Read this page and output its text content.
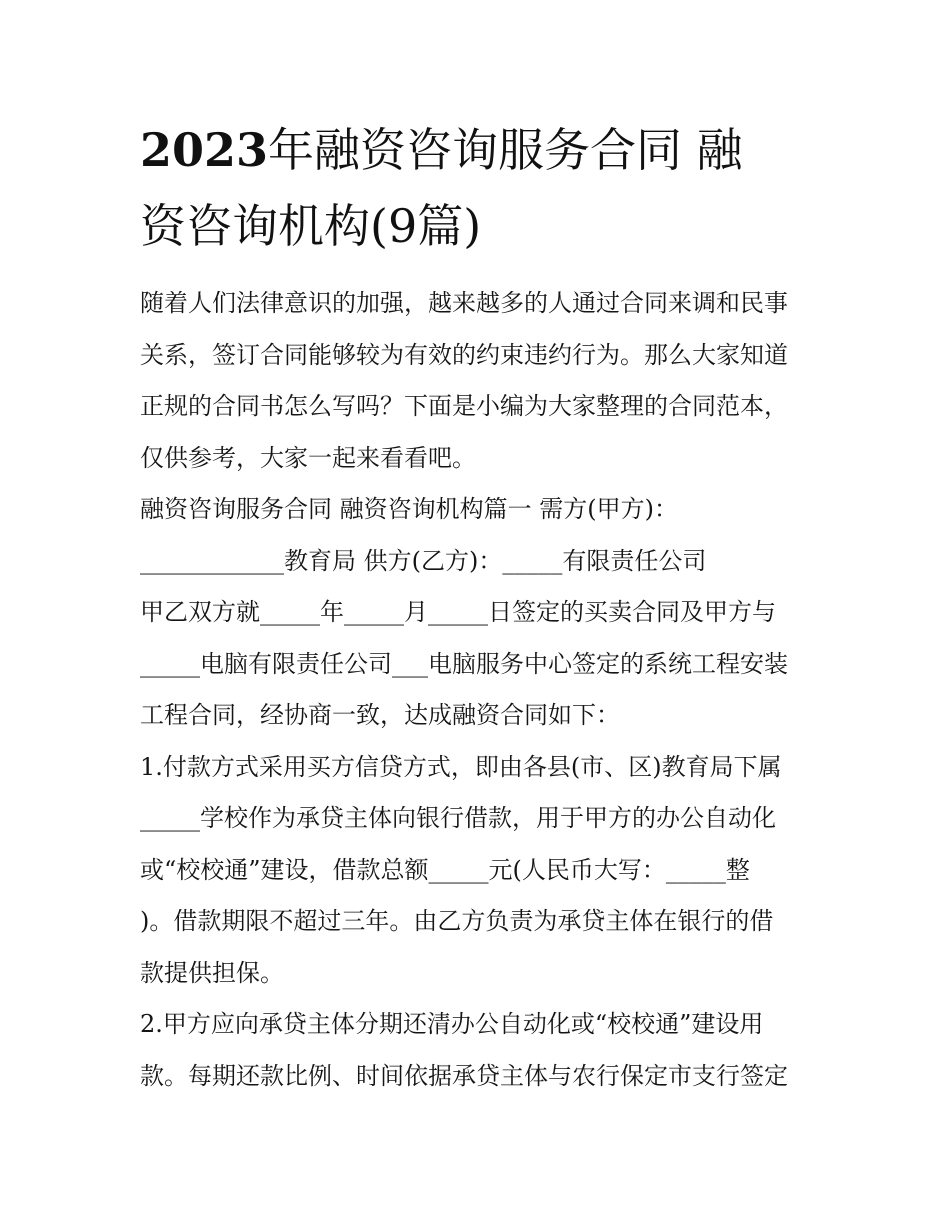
2023年融资咨询服务合同 融
资咨询机构(9篇)
随着人们法律意识的加强，越来越多的人通过合同来调和民事
关系，签订合同能够较为有效的约束违约行为。那么大家知道
正规的合同书怎么写吗？下面是小编为大家整理的合同范本，
仅供参考，大家一起来看看吧。
融资咨询服务合同 融资咨询机构篇一 需方(甲方)：
____________教育局 供方(乙方)：_____有限责任公司
甲乙双方就_____年_____月_____日签定的买卖合同及甲方与
_____电脑有限责任公司___电脑服务中心签定的系统工程安装
工程合同，经协商一致，达成融资合同如下：
1.付款方式采用买方信贷方式，即由各县(市、区)教育局下属
_____学校作为承贷主体向银行借款，用于甲方的办公自动化
或“校校通”建设，借款总额_____元(人民币大写：_____整
)。借款期限不超过三年。由乙方负责为承贷主体在银行的借
款提供担保。
2.甲方应向承贷主体分期还清办公自动化或“校校通”建设用
款。每期还款比例、时间依据承贷主体与农行保定市支行签定
